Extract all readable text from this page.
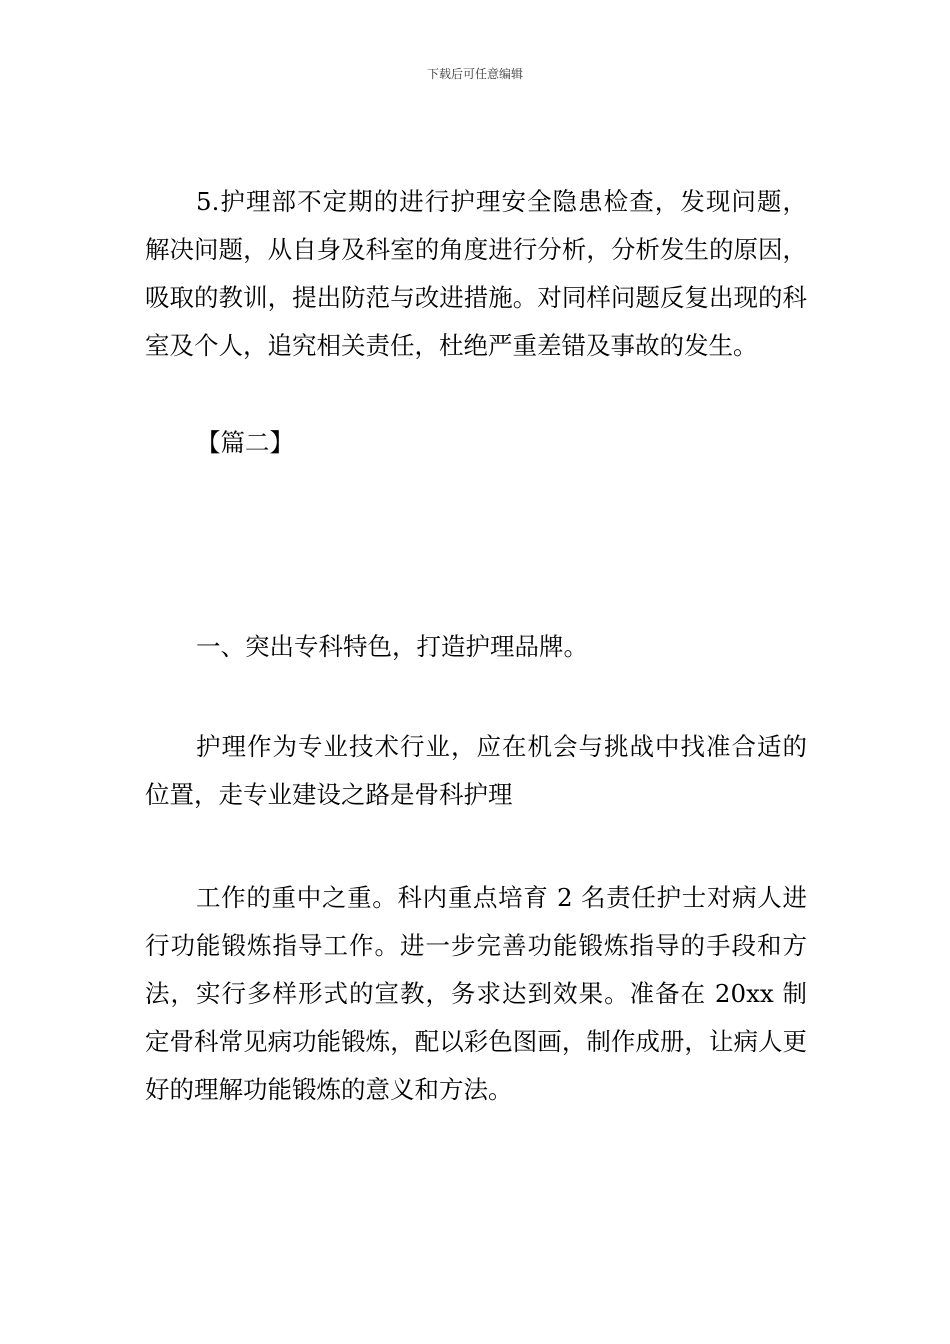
下载后可任意编辑

5.护理部不定期的进行护理安全隐患检查，发现问题，解决问题，从自身及科室的角度进行分析，分析发生的原因，吸取的教训，提出防范与改进措施。对同样问题反复出现的科室及个人，追究相关责任，杜绝严重差错及事故的发生。

【篇二】

一、突出专科特色，打造护理品牌。

护理作为专业技术行业，应在机会与挑战中找准合适的位置，走专业建设之路是骨科护理

工作的重中之重。科内重点培育 2 名责任护士对病人进行功能锻炼指导工作。进一步完善功能锻炼指导的手段和方法，实行多样形式的宣教，务求达到效果。准备在 20xx 制定骨科常见病功能锻炼，配以彩色图画，制作成册，让病人更好的理解功能锻炼的意义和方法。
